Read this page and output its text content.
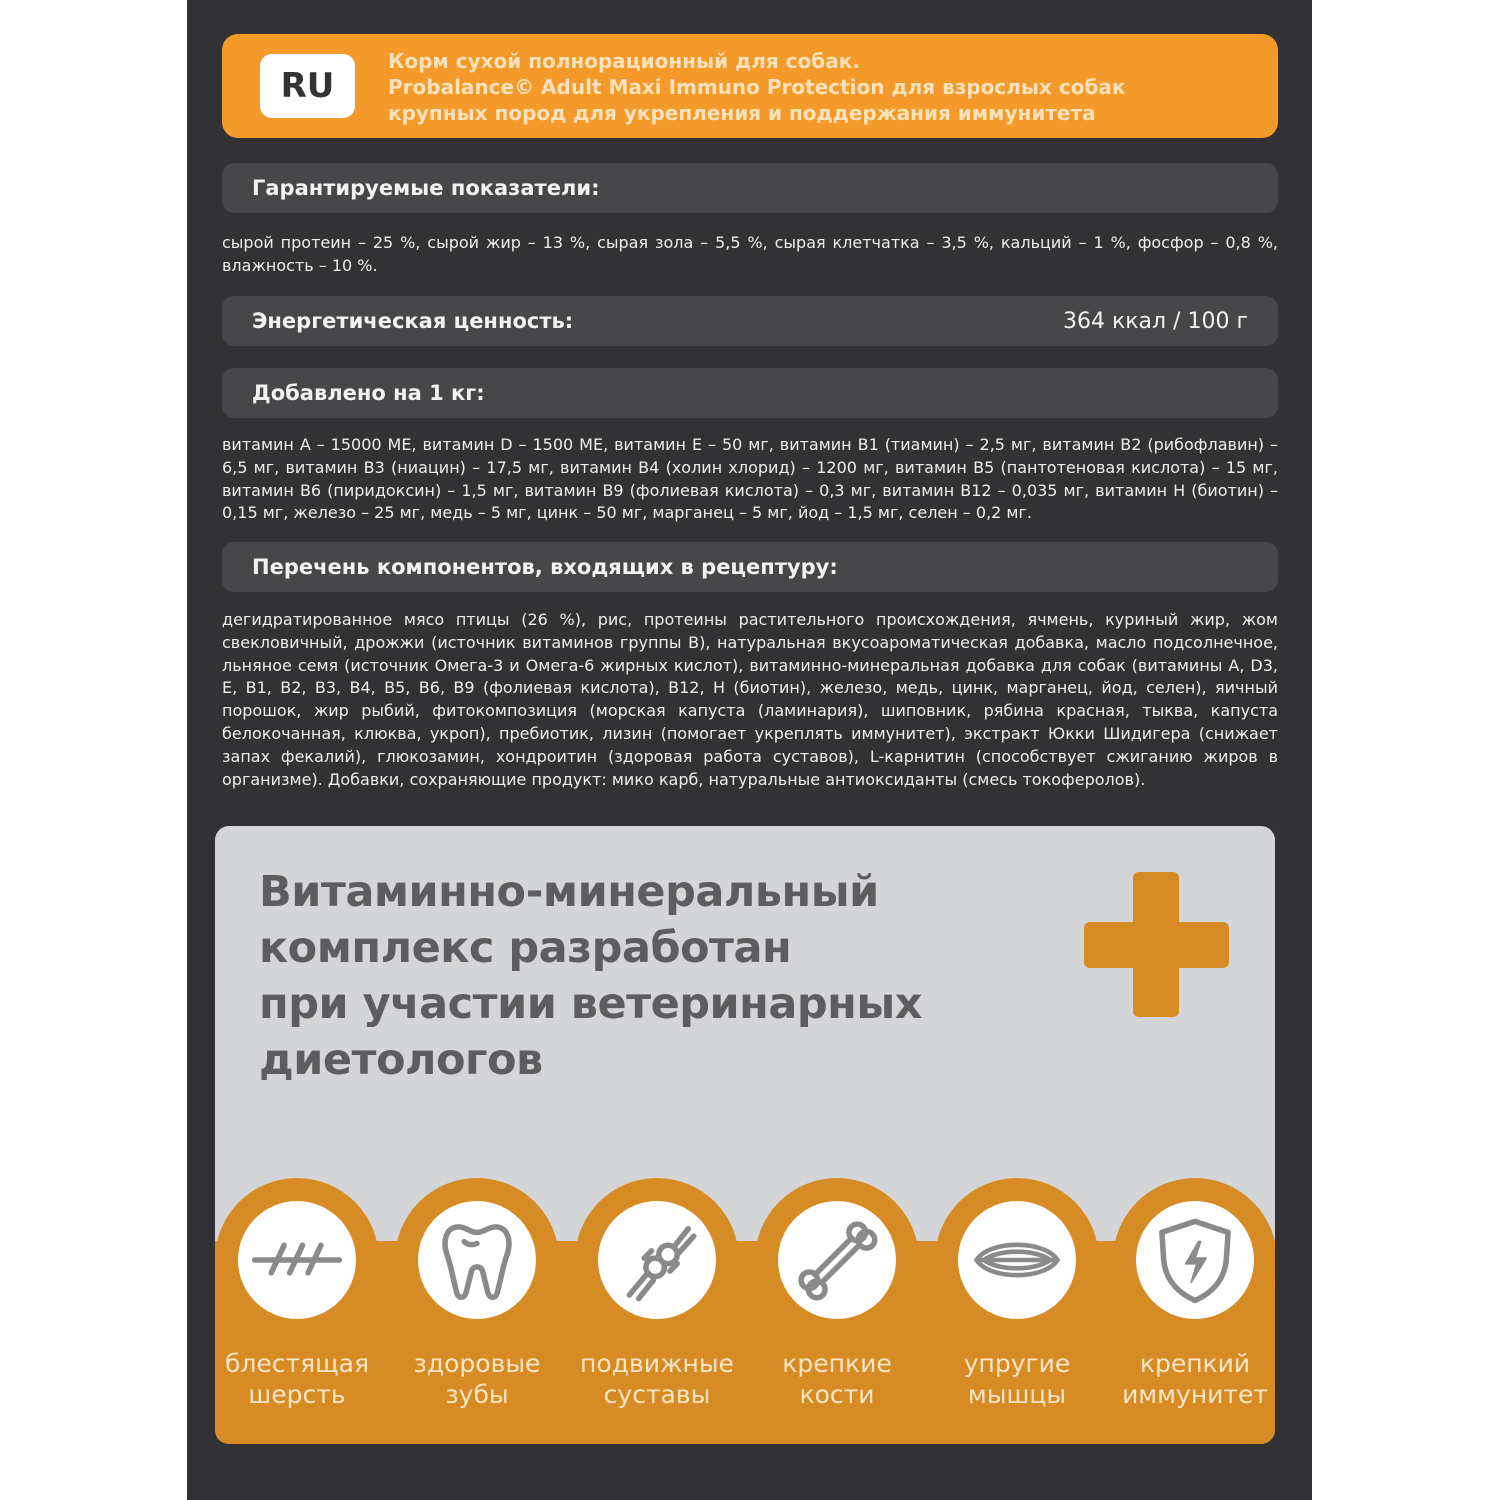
RU
Корм сухой полнорационный для собак.
Probalance© Adult Maxi Immuno Protection для взрослых собак
крупных пород для укрепления и поддержания иммунитета
Гарантируемые показатели:
сырой протеин – 25 %, сырой жир – 13 %, сырая зола – 5,5 %, сырая клетчатка – 3,5 %, кальций – 1 %, фосфор – 0,8 %, влажность – 10 %.
Энергетическая ценность:	364 ккал / 100 г
Добавлено на 1 кг:
витамин А – 15000 МЕ, витамин D – 1500 МЕ, витамин Е – 50 мг, витамин В1 (тиамин) – 2,5 мг, витамин В2 (рибофлавин) – 6,5 мг, витамин В3 (ниацин) – 17,5 мг, витамин В4 (холин хлорид) – 1200 мг, витамин В5 (пантотеновая кислота) – 15 мг, витамин В6 (пиридоксин) – 1,5 мг, витамин В9 (фолиевая кислота) – 0,3 мг, витамин В12 – 0,035 мг, витамин Н (биотин) – 0,15 мг, железо – 25 мг, медь – 5 мг, цинк – 50 мг, марганец – 5 мг, йод – 1,5 мг, селен – 0,2 мг.
Перечень компонентов, входящих в рецептуру:
дегидратированное мясо птицы (26 %), рис, протеины растительного происхождения, ячмень, куриный жир, жом свекловичный, дрожжи (источник витаминов группы В), натуральная вкусоароматическая добавка, масло подсолнечное, льняное семя (источник Омега-3 и Омега-6 жирных кислот), витаминно-минеральная добавка для собак (витамины А, D3, Е, В1, В2, В3, В4, В5, В6, В9 (фолиевая кислота), В12, Н (биотин), железо, медь, цинк, марганец, йод, селен), яичный порошок, жир рыбий, фитокомпозиция (морская капуста (ламинария), шиповник, рябина красная, тыква, капуста белокочанная, клюква, укроп), пребиотик, лизин (помогает укреплять иммунитет), экстракт Юкки Шидигера (снижает запах фекалий), глюкозамин, хондроитин (здоровая работа суставов), L-карнитин (способствует сжиганию жиров в организме). Добавки, сохраняющие продукт: мико карб, натуральные антиоксиданты (смесь токоферолов).
Витаминно-минеральный
комплекс разработан
при участии ветеринарных
диетологов
блестящая
шерсть
здоровые
зубы
подвижные
суставы
крепкие
кости
упругие
мышцы
крепкий
иммунитет
